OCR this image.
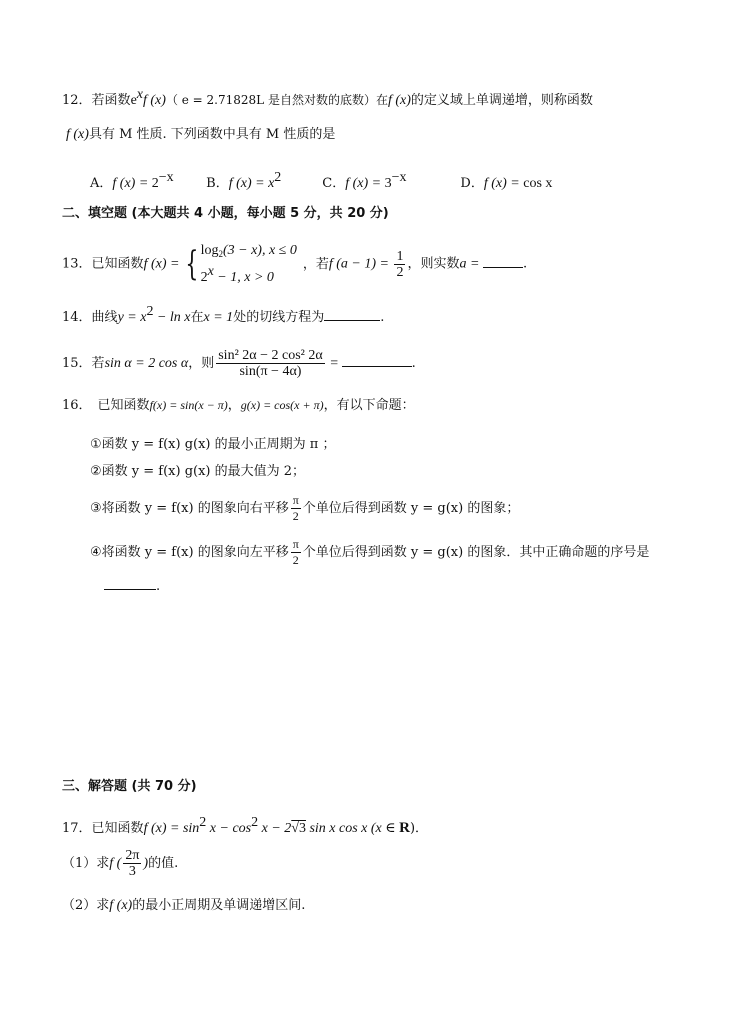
12．若函数$e^xf$ (x)（ e = 2.71828L 是自然对数的底数）在f (x)的定义域上单调递增，则称函数
f (x)具有 M 性质. 下列函数中具有 M 性质的是
A．f $(x) = 2^{-x}$ B．f $(x) = x^2$	C．f $(x) = 3^{-x}$	D．f (x) = cos x
二、填空题 (本大题共 4 小题，每小题 5 分，共 20 分)
13．已知函数f (x) = { $\log_2(3 - x)$, x ≤ 0
$2^x - 1$, x > 0
，若f $(a - 1) = \frac{1}{2}$ ，则实数a =	.
14．曲线$y = x^2 - \ln x$在x = 1处的切线方程为	.
15．若sin α = 2 cos α，则 $\frac{\text{sin² 2α − 2 cos² 2α}}{\sin(\pi - 4\alpha)}$ =	.
16． 已知函数f(x) = sin(x − π)，g(x) = cos(x + π)，有以下命题：
①函数 y = f(x) g(x) 的最小正周期为 π ；
②函数 y = f(x) g(x) 的最大值为 2；
③将函数 y = f(x) 的图象向右平移 $\frac{\pi}{2}$ 个单位后得到函数 y = g(x) 的图象；
④将函数 y = f(x) 的图象向左平移 $\frac{\pi}{2}$ 个单位后得到函数 y = g(x) 的图象．其中正确命题的序号是
.
三、解答题 (共 70 分)
17．已知函数f $(x) = \sin^2 x - \cos^2 x - 2√3$ sin x cos x (x ∈ R)．
（1）求f ( $\frac{2\pi}{3}$ )的值.
（2）求f (x)的最小正周期及单调递增区间.
